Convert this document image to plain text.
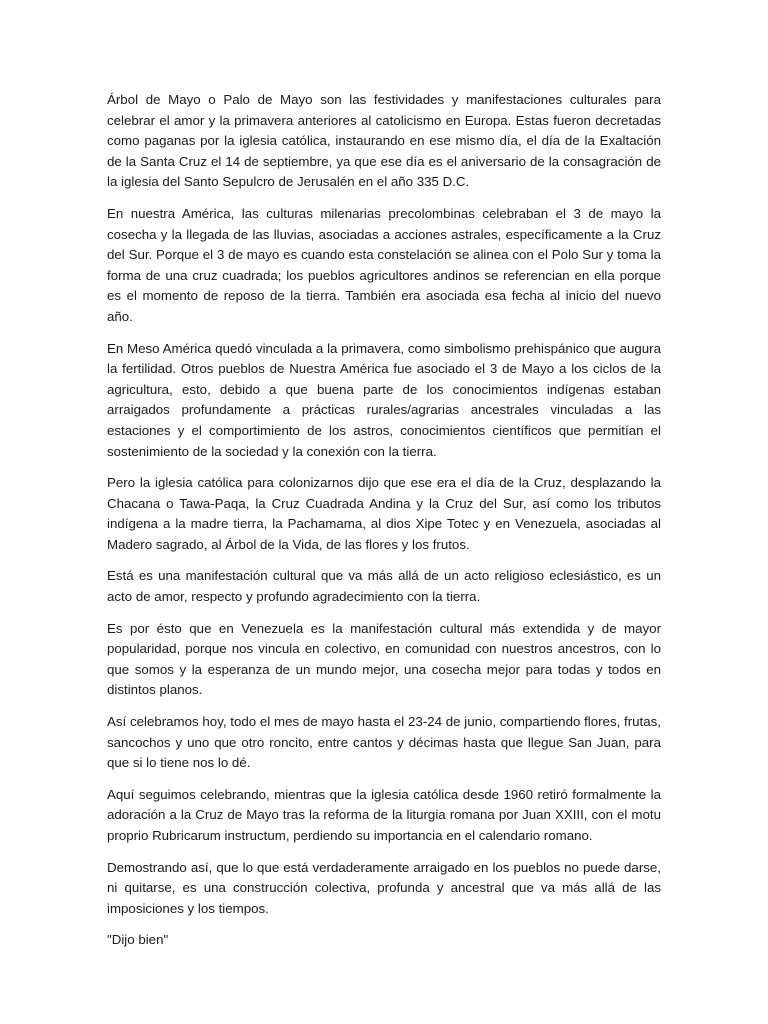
Árbol de Mayo o Palo de Mayo son las festividades y manifestaciones culturales para celebrar el amor y la primavera anteriores al catolicismo en Europa. Estas fueron decretadas como paganas por la iglesia católica, instaurando en ese mismo día, el día de la Exaltación de la Santa Cruz el 14 de septiembre, ya que ese día es el aniversario de la consagración de la iglesia del Santo Sepulcro de Jerusalén en el año 335 D.C.

En nuestra América, las culturas milenarias precolombinas celebraban el 3 de mayo la cosecha y la llegada de las lluvias, asociadas a acciones astrales, específicamente a la Cruz del Sur. Porque el 3 de mayo es cuando esta constelación se alinea con el Polo Sur y toma la forma de una cruz cuadrada; los pueblos agricultores andinos se referencian en ella porque es el momento de reposo de la tierra. También era asociada esa fecha al inicio del nuevo año.

En Meso América quedó vinculada a la primavera, como simbolismo prehispánico que augura la fertilidad. Otros pueblos de Nuestra América fue asociado el 3 de Mayo a los ciclos de la agricultura, esto, debido a que buena parte de los conocimientos indígenas estaban arraigados profundamente a prácticas rurales/agrarias ancestrales vinculadas a las estaciones y el comportimiento de los astros, conocimientos científicos que permitían el sostenimiento de la sociedad y la conexión con la tierra.

Pero la iglesia católica para colonizarnos dijo que ese era el día de la Cruz, desplazando la Chacana o Tawa-Paqa, la Cruz Cuadrada Andina y la Cruz del Sur, así como los tributos indígena a la madre tierra, la Pachamama, al dios Xipe Totec y en Venezuela, asociadas al Madero sagrado, al Árbol de la Vida, de las flores y los frutos.

Está es una manifestación cultural que va más allá de un acto religioso eclesiástico, es un acto de amor, respecto y profundo agradecimiento con la tierra.

Es por ésto que en Venezuela es la manifestación cultural más extendida y de mayor popularidad, porque nos vincula en colectivo, en comunidad con nuestros ancestros, con lo que somos y la esperanza de un mundo mejor, una cosecha mejor para todas y todos en distintos planos.

Así celebramos hoy, todo el mes de mayo hasta el 23-24 de junio, compartiendo flores, frutas, sancochos y uno que otro roncito, entre cantos y décimas hasta que llegue San Juan, para que si lo tiene nos lo dé.

Aquí seguimos celebrando, mientras que la iglesia católica desde 1960 retiró formalmente la adoración a la Cruz de Mayo tras la reforma de la liturgia romana por Juan XXIII, con el motu proprio Rubricarum instructum, perdiendo su importancia en el calendario romano.

Demostrando así, que lo que está verdaderamente arraigado en los pueblos no puede darse, ni quitarse, es una construcción colectiva, profunda y ancestral que va más allá de las imposiciones y los tiempos.

"Dijo bien"
